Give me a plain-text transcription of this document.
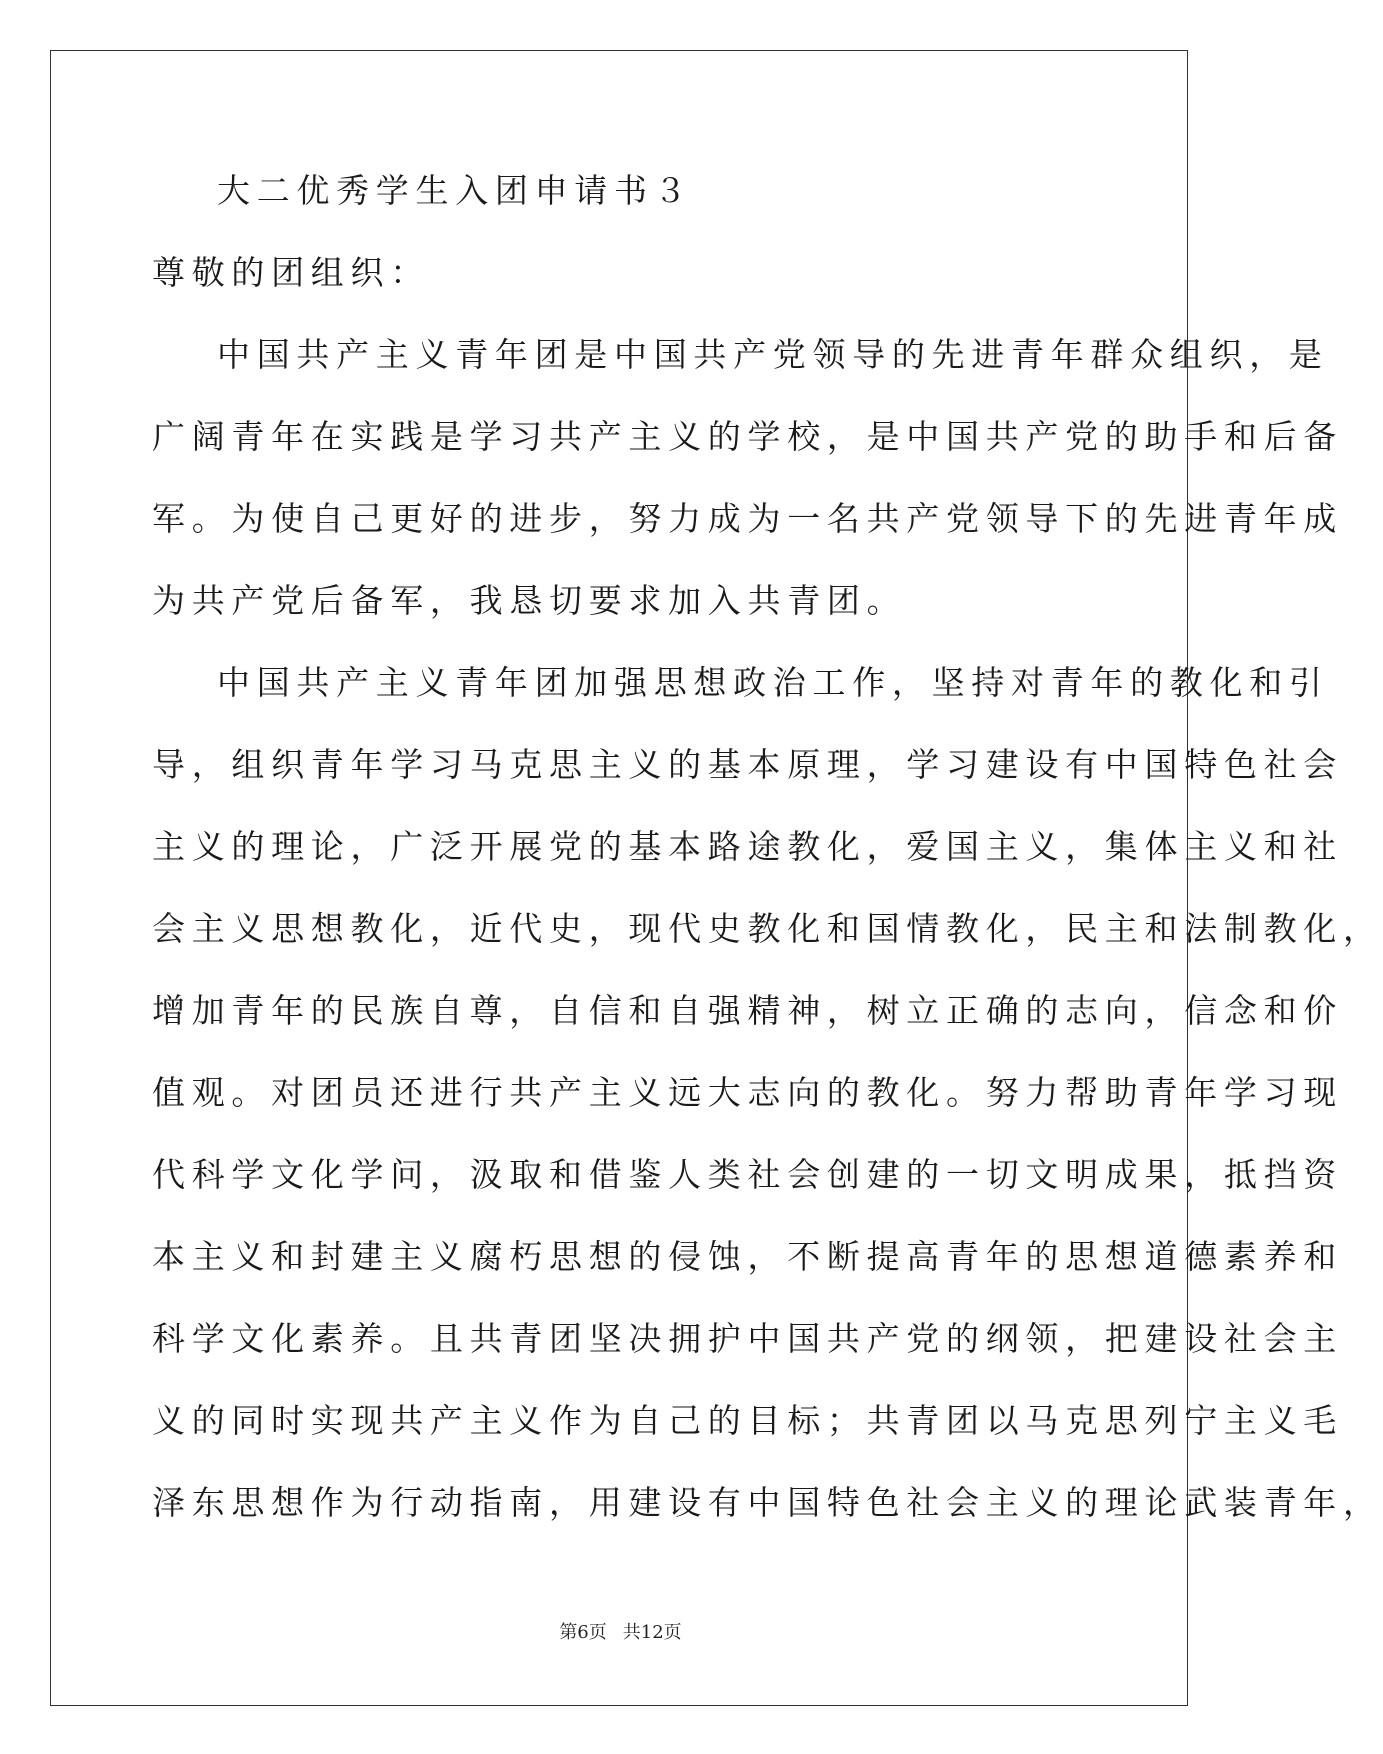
大二优秀学生入团申请书３
尊敬的团组织：
中国共产主义青年团是中国共产党领导的先进青年群众组织，是
广阔青年在实践是学习共产主义的学校，是中国共产党的助手和后备
军。为使自己更好的进步，努力成为一名共产党领导下的先进青年成
为共产党后备军，我恳切要求加入共青团。
中国共产主义青年团加强思想政治工作，坚持对青年的教化和引
导，组织青年学习马克思主义的基本原理，学习建设有中国特色社会
主义的理论，广泛开展党的基本路途教化，爱国主义，集体主义和社
会主义思想教化，近代史，现代史教化和国情教化，民主和法制教化，
增加青年的民族自尊，自信和自强精神，树立正确的志向，信念和价
值观。对团员还进行共产主义远大志向的教化。努力帮助青年学习现
代科学文化学问，汲取和借鉴人类社会创建的一切文明成果，抵挡资
本主义和封建主义腐朽思想的侵蚀，不断提高青年的思想道德素养和
科学文化素养。且共青团坚决拥护中国共产党的纲领，把建设社会主
义的同时实现共产主义作为自己的目标；共青团以马克思列宁主义毛
泽东思想作为行动指南，用建设有中国特色社会主义的理论武装青年，
第6页 共12页
